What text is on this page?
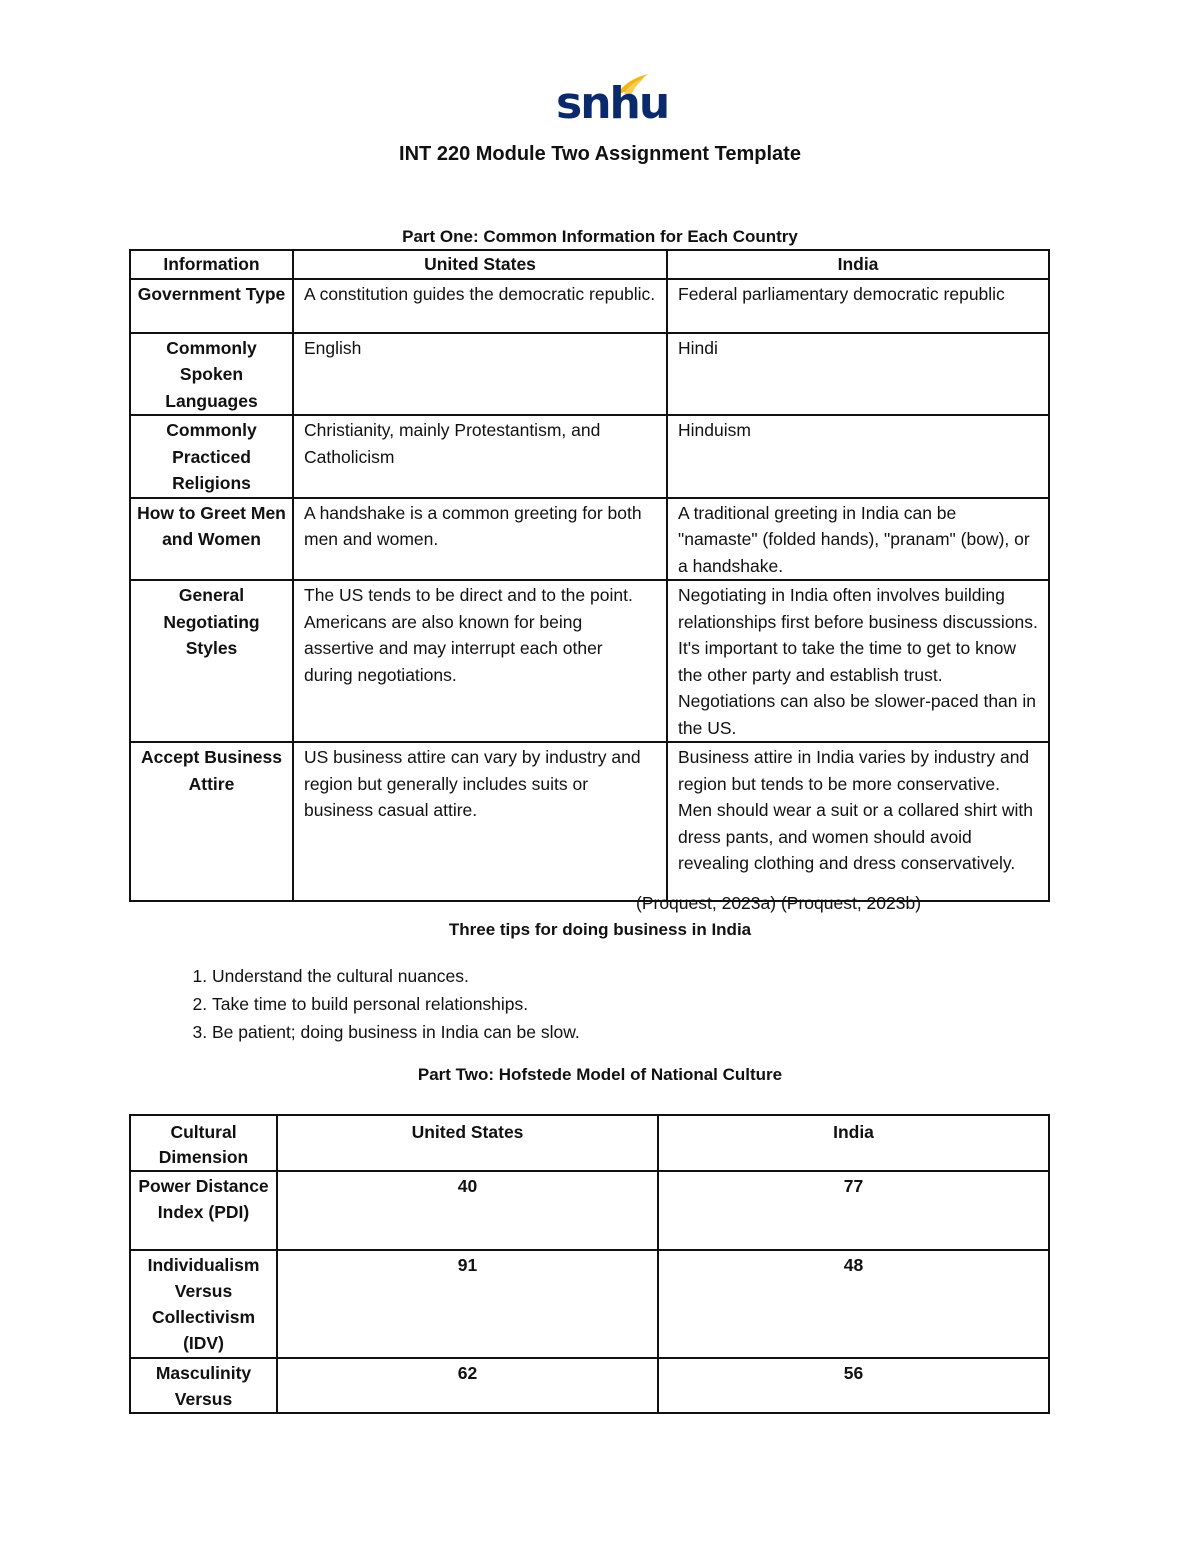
snhu
INT 220 Module Two Assignment Template
Part One: Common Information for Each Country
Information	United States	India
Government Type	A constitution guides the democratic republic.	Federal parliamentary democratic republic
Commonly Spoken Languages	English	Hindi
Commonly Practiced Religions	Christianity, mainly Protestantism, and Catholicism	Hinduism
How to Greet Men and Women	A handshake is a common greeting for both men and women.	A traditional greeting in India can be "namaste" (folded hands), "pranam" (bow), or a handshake.
General Negotiating Styles	The US tends to be direct and to the point. Americans are also known for being assertive and may interrupt each other during negotiations.	Negotiating in India often involves building relationships first before business discussions. It's important to take the time to get to know the other party and establish trust. Negotiations can also be slower-paced than in the US.
Accept Business Attire	US business attire can vary by industry and region but generally includes suits or business casual attire.	Business attire in India varies by industry and region but tends to be more conservative. Men should wear a suit or a collared shirt with dress pants, and women should avoid revealing clothing and dress conservatively.
(Proquest, 2023a) (Proquest, 2023b)
Three tips for doing business in India
1. Understand the cultural nuances.
2. Take time to build personal relationships.
3. Be patient; doing business in India can be slow.
Part Two: Hofstede Model of National Culture
Cultural Dimension	United States	India
Power Distance Index (PDI)	40	77
Individualism Versus Collectivism (IDV)	91	48
Masculinity Versus	62	56
